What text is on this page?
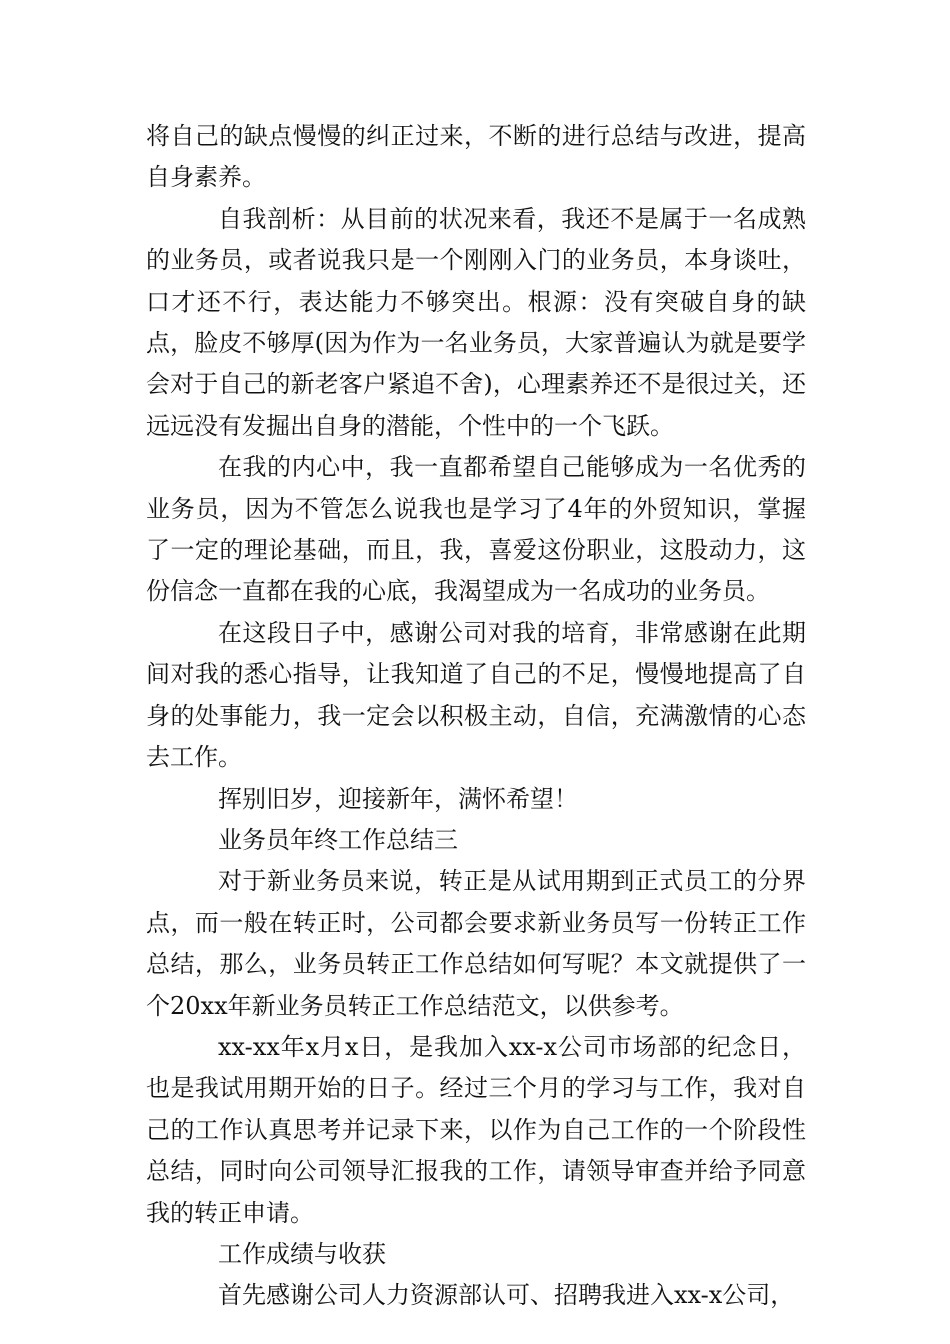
将自己的缺点慢慢的纠正过来，不断的进行总结与改进，提高自身素养。

自我剖析：从目前的状况来看，我还不是属于一名成熟的业务员，或者说我只是一个刚刚入门的业务员，本身谈吐，口才还不行，表达能力不够突出。根源：没有突破自身的缺点，脸皮不够厚(因为作为一名业务员，大家普遍认为就是要学会对于自己的新老客户紧追不舍)，心理素养还不是很过关，还远远没有发掘出自身的潜能，个性中的一个飞跃。

在我的内心中，我一直都希望自己能够成为一名优秀的业务员，因为不管怎么说我也是学习了4年的外贸知识，掌握了一定的理论基础，而且，我，喜爱这份职业，这股动力，这份信念一直都在我的心底，我渴望成为一名成功的业务员。

在这段日子中，感谢公司对我的培育，非常感谢在此期间对我的悉心指导，让我知道了自己的不足，慢慢地提高了自身的处事能力，我一定会以积极主动，自信，充满激情的心态去工作。

挥别旧岁，迎接新年，满怀希望！

业务员年终工作总结三

对于新业务员来说，转正是从试用期到正式员工的分界点，而一般在转正时，公司都会要求新业务员写一份转正工作总结，那么，业务员转正工作总结如何写呢？本文就提供了一个20xx年新业务员转正工作总结范文，以供参考。

xx-xx年x月x日，是我加入xx-x公司市场部的纪念日，也是我试用期开始的日子。经过三个月的学习与工作，我对自己的工作认真思考并记录下来，以作为自己工作的一个阶段性总结，同时向公司领导汇报我的工作，请领导审查并给予同意我的转正申请。

工作成绩与收获

首先感谢公司人力资源部认可、招聘我进入xx-x公司，
